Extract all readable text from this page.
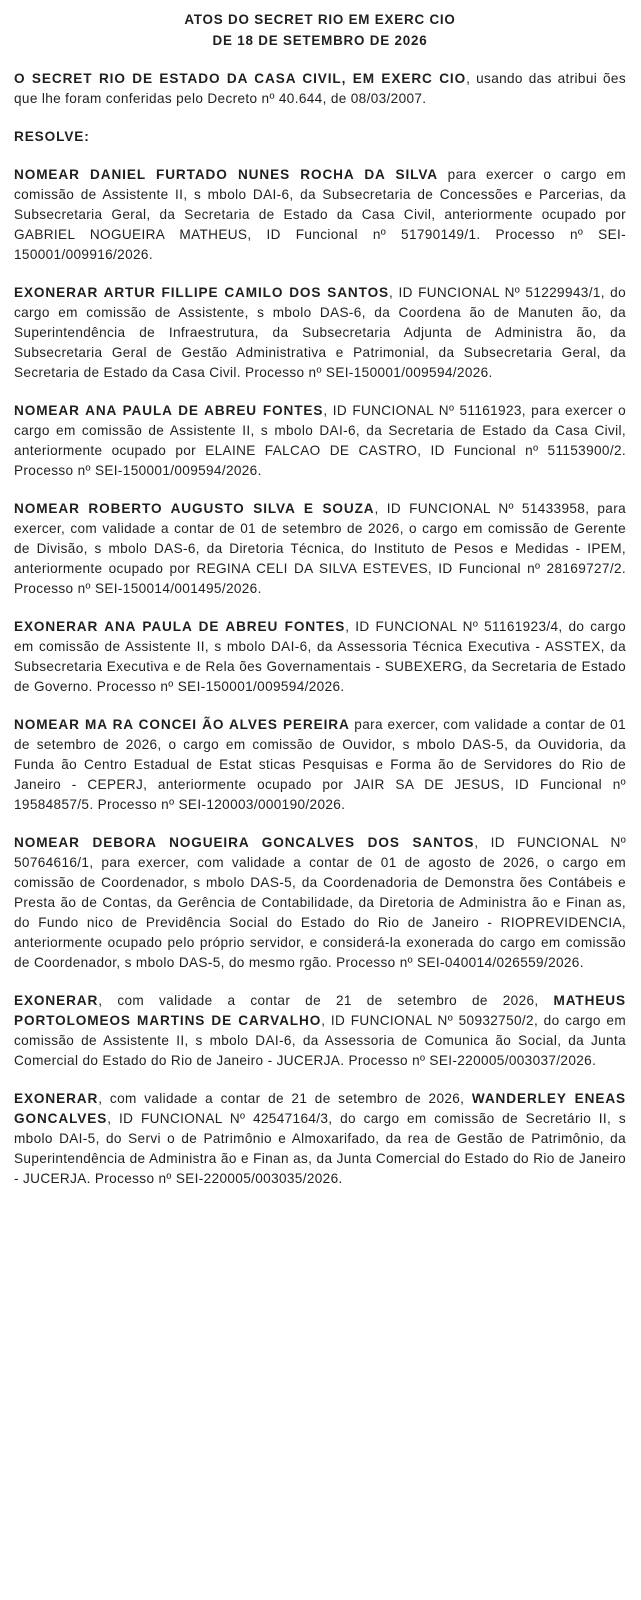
ATOS DO SECRET RIO EM EXERC CIO
DE 18 DE SETEMBRO DE 2026

O SECRET RIO DE ESTADO DA CASA CIVIL, EM EXERC CIO, usando das atribui ões que lhe foram conferidas pelo Decreto nº 40.644, de 08/03/2007.

RESOLVE:

NOMEAR DANIEL FURTADO NUNES ROCHA DA SILVA para exercer o cargo em comissão de Assistente II, s mbolo DAI-6, da Subsecretaria de Concessões e Parcerias, da Subsecretaria Geral, da Secretaria de Estado da Casa Civil, anteriormente ocupado por GABRIEL NOGUEIRA MATHEUS, ID Funcional nº 51790149/1. Processo nº SEI-150001/009916/2026.

EXONERAR ARTUR FILLIPE CAMILO DOS SANTOS, ID FUNCIONAL Nº 51229943/1, do cargo em comissão de Assistente, s mbolo DAS-6, da Coordena ão de Manuten ão, da Superintendência de Infraestrutura, da Subsecretaria Adjunta de Administra ão, da Subsecretaria Geral de Gestão Administrativa e Patrimonial, da Subsecretaria Geral, da Secretaria de Estado da Casa Civil. Processo nº SEI-150001/009594/2026.

NOMEAR ANA PAULA DE ABREU FONTES, ID FUNCIONAL Nº 51161923, para exercer o cargo em comissão de Assistente II, s mbolo DAI-6, da Secretaria de Estado da Casa Civil, anteriormente ocupado por ELAINE FALCAO DE CASTRO, ID Funcional nº 51153900/2. Processo nº SEI-150001/009594/2026.

NOMEAR ROBERTO AUGUSTO SILVA E SOUZA, ID FUNCIONAL Nº 51433958, para exercer, com validade a contar de 01 de setembro de 2026, o cargo em comissão de Gerente de Divisão, s mbolo DAS-6, da Diretoria Técnica, do Instituto de Pesos e Medidas - IPEM, anteriormente ocupado por REGINA CELI DA SILVA ESTEVES, ID Funcional nº 28169727/2. Processo nº SEI-150014/001495/2026.

EXONERAR ANA PAULA DE ABREU FONTES, ID FUNCIONAL Nº 51161923/4, do cargo em comissão de Assistente II, s mbolo DAI-6, da Assessoria Técnica Executiva - ASSTEX, da Subsecretaria Executiva e de Rela ões Governamentais - SUBEXERG, da Secretaria de Estado de Governo. Processo nº SEI-150001/009594/2026.

NOMEAR MA RA CONCEI ÃO ALVES PEREIRA para exercer, com validade a contar de 01 de setembro de 2026, o cargo em comissão de Ouvidor, s mbolo DAS-5, da Ouvidoria, da Funda ão Centro Estadual de Estat sticas Pesquisas e Forma ão de Servidores do Rio de Janeiro - CEPERJ, anteriormente ocupado por JAIR SA DE JESUS, ID Funcional nº 19584857/5. Processo nº SEI-120003/000190/2026.

NOMEAR DEBORA NOGUEIRA GONCALVES DOS SANTOS, ID FUNCIONAL Nº 50764616/1, para exercer, com validade a contar de 01 de agosto de 2026, o cargo em comissão de Coordenador, s mbolo DAS-5, da Coordenadoria de Demonstra ões Contábeis e Presta ão de Contas, da Gerência de Contabilidade, da Diretoria de Administra ão e Finan as, do Fundo nico de Previdência Social do Estado do Rio de Janeiro - RIOPREVIDENCIA, anteriormente ocupado pelo próprio servidor, e considerá-la exonerada do cargo em comissão de Coordenador, s mbolo DAS-5, do mesmo rgão. Processo nº SEI-040014/026559/2026.

EXONERAR, com validade a contar de 21 de setembro de 2026, MATHEUS PORTOLOMEOS MARTINS DE CARVALHO, ID FUNCIONAL Nº 50932750/2, do cargo em comissão de Assistente II, s mbolo DAI-6, da Assessoria de Comunica ão Social, da Junta Comercial do Estado do Rio de Janeiro - JUCERJA. Processo nº SEI-220005/003037/2026.

EXONERAR, com validade a contar de 21 de setembro de 2026, WANDERLEY ENEAS GONCALVES, ID FUNCIONAL Nº 42547164/3, do cargo em comissão de Secretário II, s mbolo DAI-5, do Servi o de Patrimônio e Almoxarifado, da rea de Gestão de Patrimônio, da Superintendência de Administra ão e Finan as, da Junta Comercial do Estado do Rio de Janeiro - JUCERJA. Processo nº SEI-220005/003035/2026.
